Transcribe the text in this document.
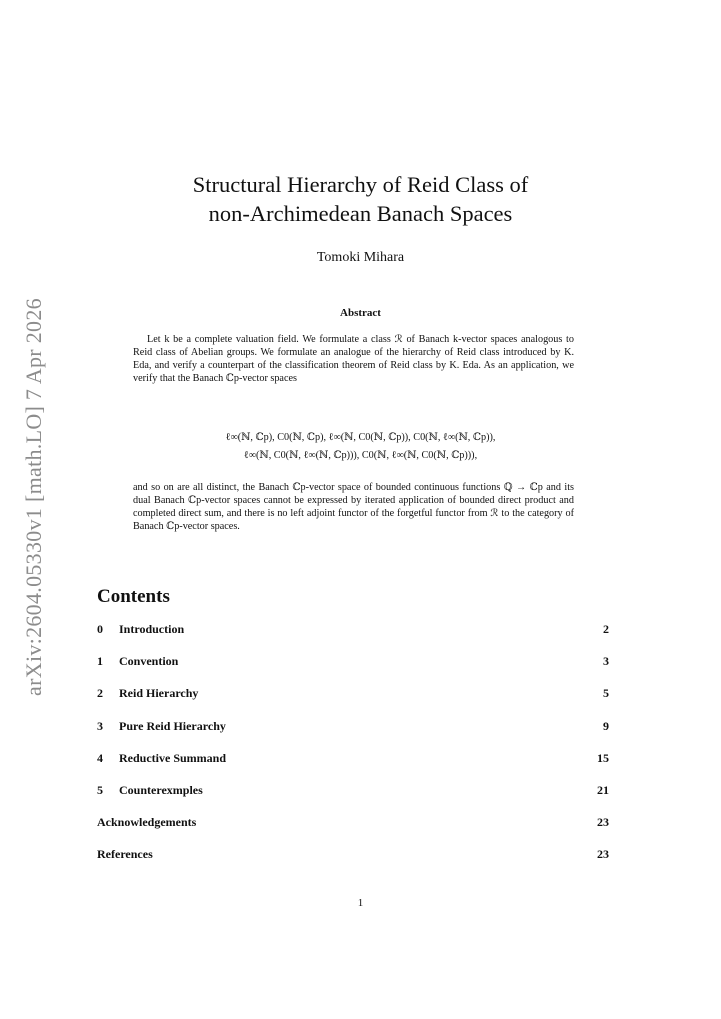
arXiv:2604.05330v1 [math.LO] 7 Apr 2026
Structural Hierarchy of Reid Class of
non-Archimedean Banach Spaces
Tomoki Mihara
Abstract
Let k be a complete valuation field. We formulate a class ℛ of Banach k-vector spaces analogous to Reid class of Abelian groups. We formulate an analogue of the hierarchy of Reid class introduced by K. Eda, and verify a counterpart of the classification theorem of Reid class by K. Eda. As an application, we verify that the Banach ℂp-vector spaces
ℓ∞(ℕ, ℂp), C0(ℕ, ℂp), ℓ∞(ℕ, C0(ℕ, ℂp)), C0(ℕ, ℓ∞(ℕ, ℂp)),
ℓ∞(ℕ, C0(ℕ, ℓ∞(ℕ, ℂp))), C0(ℕ, ℓ∞(ℕ, C0(ℕ, ℂp))),
and so on are all distinct, the Banach ℂp-vector space of bounded continuous functions ℚ → ℂp and its dual Banach ℂp-vector spaces cannot be expressed by iterated application of bounded direct product and completed direct sum, and there is no left adjoint functor of the forgetful functor from ℛ to the category of Banach ℂp-vector spaces.
Contents
0 Introduction	2
1 Convention	3
2 Reid Hierarchy	5
3 Pure Reid Hierarchy	9
4 Reductive Summand	15
5 Counterexmples	21
Acknowledgements	23
References	23
1
